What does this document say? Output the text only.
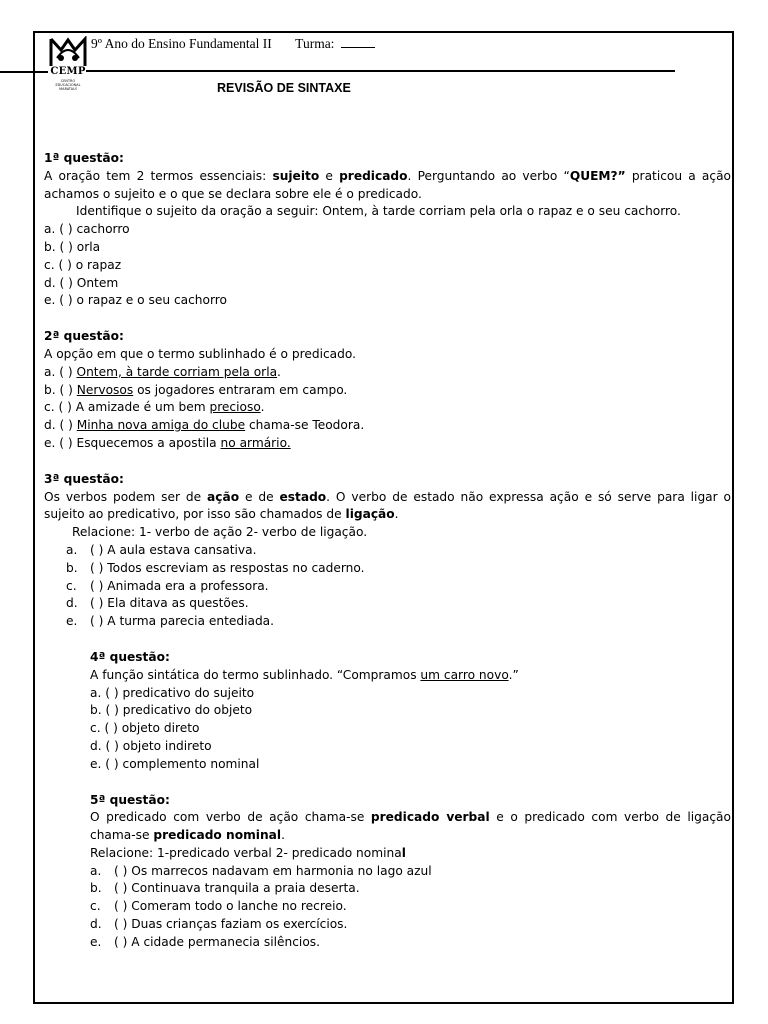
CEMP
CENTRO EDUCACIONAL MARATAUÍ
9º Ano do Ensino Fundamental II Turma:
REVISÃO DE SINTAXE

1ª questão:

A oração tem 2 termos essenciais: sujeito e predicado. Perguntando ao verbo “QUEM?” praticou a ação achamos o sujeito e o que se declara sobre ele é o predicado.

Identifique o sujeito da oração a seguir: Ontem, à tarde corriam pela orla o rapaz e o seu cachorro.

a. ( ) cachorro

b. ( ) orla

c. ( ) o rapaz

d. ( ) Ontem

e. ( ) o rapaz e o seu cachorro

2ª questão:

A opção em que o termo sublinhado é o predicado.

a. ( ) Ontem, à tarde corriam pela orla.

b. ( ) Nervosos os jogadores entraram em campo.

c. ( ) A amizade é um bem precioso.

d. ( ) Minha nova amiga do clube chama-se Teodora.

e. ( ) Esquecemos a apostila no armário.

3ª questão:

Os verbos podem ser de ação e de estado. O verbo de estado não expressa ação e só serve para ligar o sujeito ao predicativo, por isso são chamados de ligação.

Relacione: 1- verbo de ação 2- verbo de ligação.

a. ( ) A aula estava cansativa.

b. ( ) Todos escreviam as respostas no caderno.

c. ( ) Animada era a professora.

d. ( ) Ela ditava as questões.

e. ( ) A turma parecia entediada.

4ª questão:

A função sintática do termo sublinhado. “Compramos um carro novo.”

a. ( ) predicativo do sujeito

b. ( ) predicativo do objeto

c. ( ) objeto direto

d. ( ) objeto indireto

e. ( ) complemento nominal

5ª questão:

O predicado com verbo de ação chama-se predicado verbal e o predicado com verbo de ligação chama-se predicado nominal.

Relacione: 1-predicado verbal 2- predicado nominal

a. ( ) Os marrecos nadavam em harmonia no lago azul

b. ( ) Continuava tranquila a praia deserta.

c. ( ) Comeram todo o lanche no recreio.

d. ( ) Duas crianças faziam os exercícios.

e. ( ) A cidade permanecia silêncios.
